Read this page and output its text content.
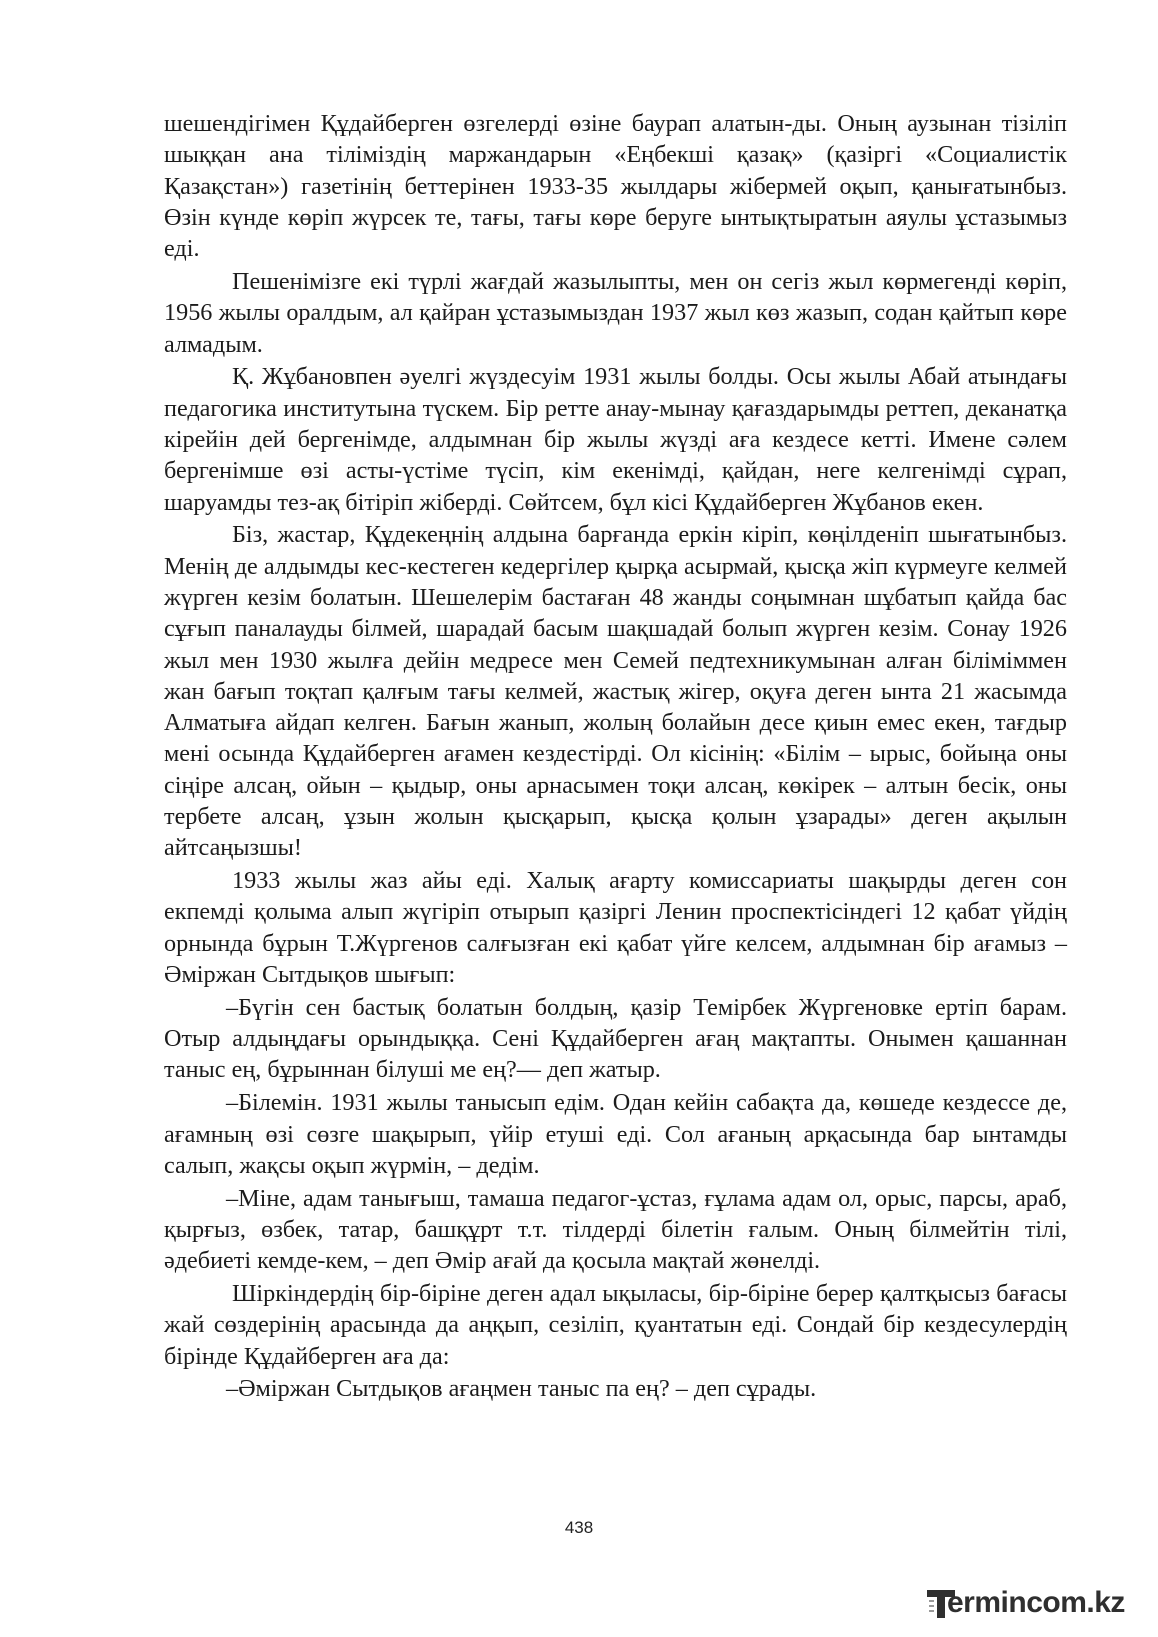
шешендігімен Құдайберген өзгелерді өзіне баурап алатын-ды. Оның аузынан тізіліп шыққан ана тіліміздің маржандарын «Еңбекші қазақ» (қазіргі «Социалистік Қазақстан») газетінің беттерінен 1933-35 жылдары жібермей оқып, қанығатынбыз. Өзін күнде көріп жүрсек те, тағы, тағы көре беруге ынтықтыратын аяулы ұстазымыз еді.

Пешенімізге екі түрлі жағдай жазылыпты, мен он сегіз жыл көрмегенді көріп, 1956 жылы оралдым, ал қайран ұстазымыздан 1937 жыл көз жазып, содан қайтып көре алмадым.

Қ. Жұбановпен әуелгі жүздесуім 1931 жылы болды. Осы жылы Абай атындағы педагогика институтына түскем. Бір ретте анау-мынау қағаздарымды реттеп, деканатқа кірейін дей бергенімде, алдымнан бір жылы жүзді аға кездесе кетті. Имене сәлем бергенімше өзі асты-үстіме түсіп, кім екенімді, қайдан, неге келгенімді сұрап, шаруамды тез-ақ бітіріп жіберді. Сөйтсем, бұл кісі Құдайберген Жұбанов екен.

Біз, жастар, Құдекеңнің алдына барғанда еркін кіріп, көңілденіп шығатынбыз. Менің де алдымды кес-кестеген кедергілер қырқа асырмай, қысқа жіп күрмеуге келмей жүрген кезім болатын. Шешелерім бастаған 48 жанды соңымнан шұбатып қайда бас сұғып паналауды білмей, шарадай басым шақшадай болып жүрген кезім. Сонау 1926 жыл мен 1930 жылға дейін медресе мен Семей педтехникумынан алған біліміммен жан бағып тоқтап қалғым тағы келмей, жастық жігер, оқуға деген ынта 21 жасымда Алматыға айдап келген. Бағын жанып, жолың болайын десе қиын емес екен, тағдыр мені осында Құдайберген ағамен кездестірді. Ол кісінің: «Білім – ырыс, бойыңа оны сіңіре алсаң, ойын – қыдыр, оны арнасымен тоқи алсаң, көкірек – алтын бесік, оны тербете алсаң, ұзын жолын қысқарып, қысқа қолын ұзарады» деген ақылын айтсаңызшы!

1933 жылы жаз айы еді. Халық ағарту комиссариаты шақырды деген сон екпемді қолыма алып жүгіріп отырып қазіргі Ленин проспектісіндегі 12 қабат үйдің орнында бұрын Т.Жүргенов салғызған екі қабат үйге келсем, алдымнан бір ағамыз – Әміржан Сытдықов шығып:

–Бүгін сен бастық болатын болдың, қазір Темірбек Жүргеновке ертіп барам. Отыр алдыңдағы орындыққа. Сені Құдайберген ағаң мақтапты. Онымен қашаннан таныс ең, бұрыннан білуші ме ең?— деп жатыр.

–Білемін. 1931 жылы танысып едім. Одан кейін сабақта да, көшеде кездессе де, ағамның өзі сөзге шақырып, үйір етуші еді. Сол ағаның арқасында бар ынтамды салып, жақсы оқып жүрмін, – дедім.

–Міне, адам танығыш, тамаша педагог-ұстаз, ғұлама адам ол, орыс, парсы, араб, қырғыз, өзбек, татар, башқұрт т.т. тілдерді білетін ғалым. Оның білмейтін тілі, әдебиеті кемде-кем, – деп Әмір ағай да қосыла мақтай жөнелді.

Шіркіндердің бір-біріне деген адал ықыласы, бір-біріне берер қалтқысыз бағасы жай сөздерінің арасында да аңқып, сезіліп, қуантатын еді. Сондай бір кездесулердің бірінде Құдайберген аға да:

–Әміржан Сытдықов ағаңмен таныс па ең? – деп сұрады.

438
ermincom.kz
